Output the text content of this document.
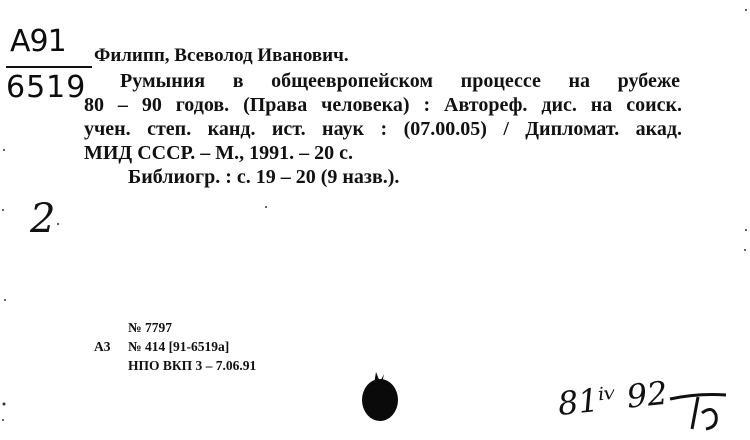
A91
6519
Филипп, Всеволод Иванович.
Румыния в общеевропейском процессе на рубеже
80 – 90 годов. (Права человека) : Автореф. дис. на соиск.
учен. степ. канд. ист. наук : (07.00.05) / Дипломат. акад.
МИД СССР. – М., 1991. – 20 с.
Библиогр. : с. 19 – 20 (9 назв.).
2
№ 7797
А3 № 414 [91-6519а]
НПО ВКП 3 – 7.06.91
81ⁱᵛ 92
